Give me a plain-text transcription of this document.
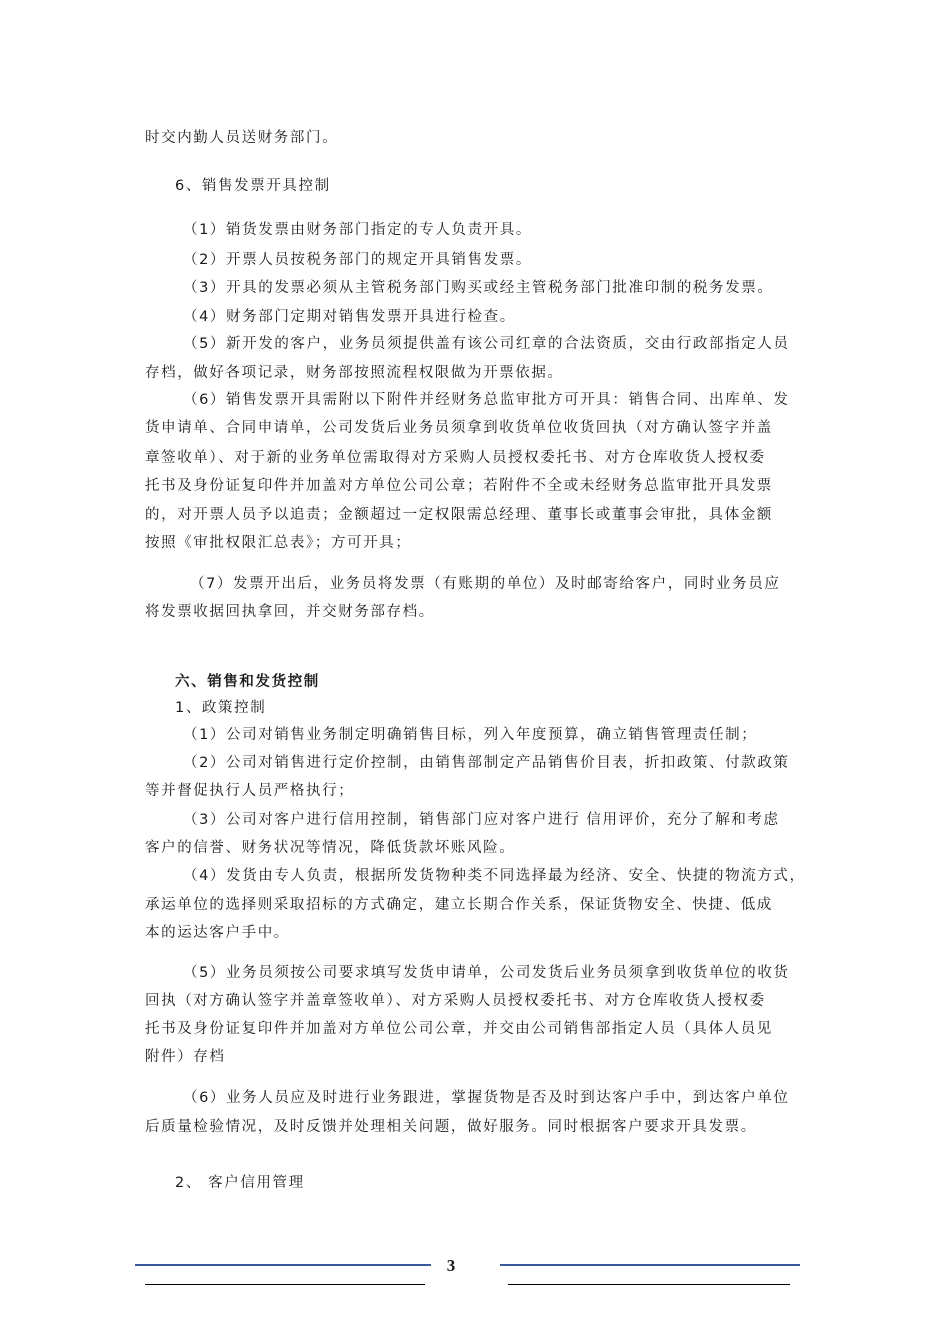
时交内勤人员送财务部门。
6、销售发票开具控制
（1）销货发票由财务部门指定的专人负责开具。
（2）开票人员按税务部门的规定开具销售发票。
（3）开具的发票必须从主管税务部门购买或经主管税务部门批准印制的税务发票。
（4）财务部门定期对销售发票开具进行检查。
（5）新开发的客户，业务员须提供盖有该公司红章的合法资质，交由行政部指定人员
存档，做好各项记录，财务部按照流程权限做为开票依据。
（6）销售发票开具需附以下附件并经财务总监审批方可开具：销售合同、出库单、发
货申请单、合同申请单，公司发货后业务员须拿到收货单位收货回执（对方确认签字并盖
章签收单）、对于新的业务单位需取得对方采购人员授权委托书、对方仓库收货人授权委
托书及身份证复印件并加盖对方单位公司公章；若附件不全或未经财务总监审批开具发票
的，对开票人员予以追责；金额超过一定权限需总经理、董事长或董事会审批，具体金额
按照《审批权限汇总表》；方可开具；
（7）发票开出后，业务员将发票（有账期的单位）及时邮寄给客户，同时业务员应
将发票收据回执拿回，并交财务部存档。
六、销售和发货控制
1、政策控制
（1）公司对销售业务制定明确销售目标，列入年度预算，确立销售管理责任制；
（2）公司对销售进行定价控制，由销售部制定产品销售价目表，折扣政策、付款政策
等并督促执行人员严格执行；
（3）公司对客户进行信用控制，销售部门应对客户进行 信用评价，充分了解和考虑
客户的信誉、财务状况等情况，降低货款坏账风险。
（4）发货由专人负责，根据所发货物种类不同选择最为经济、安全、快捷的物流方式，
承运单位的选择则采取招标的方式确定，建立长期合作关系，保证货物安全、快捷、低成
本的运达客户手中。
（5）业务员须按公司要求填写发货申请单，公司发货后业务员须拿到收货单位的收货
回执（对方确认签字并盖章签收单）、对方采购人员授权委托书、对方仓库收货人授权委
托书及身份证复印件并加盖对方单位公司公章，并交由公司销售部指定人员（具体人员见
附件）存档
（6）业务人员应及时进行业务跟进，掌握货物是否及时到达客户手中，到达客户单位
后质量检验情况，及时反馈并处理相关问题，做好服务。同时根据客户要求开具发票。
2、 客户信用管理
3
